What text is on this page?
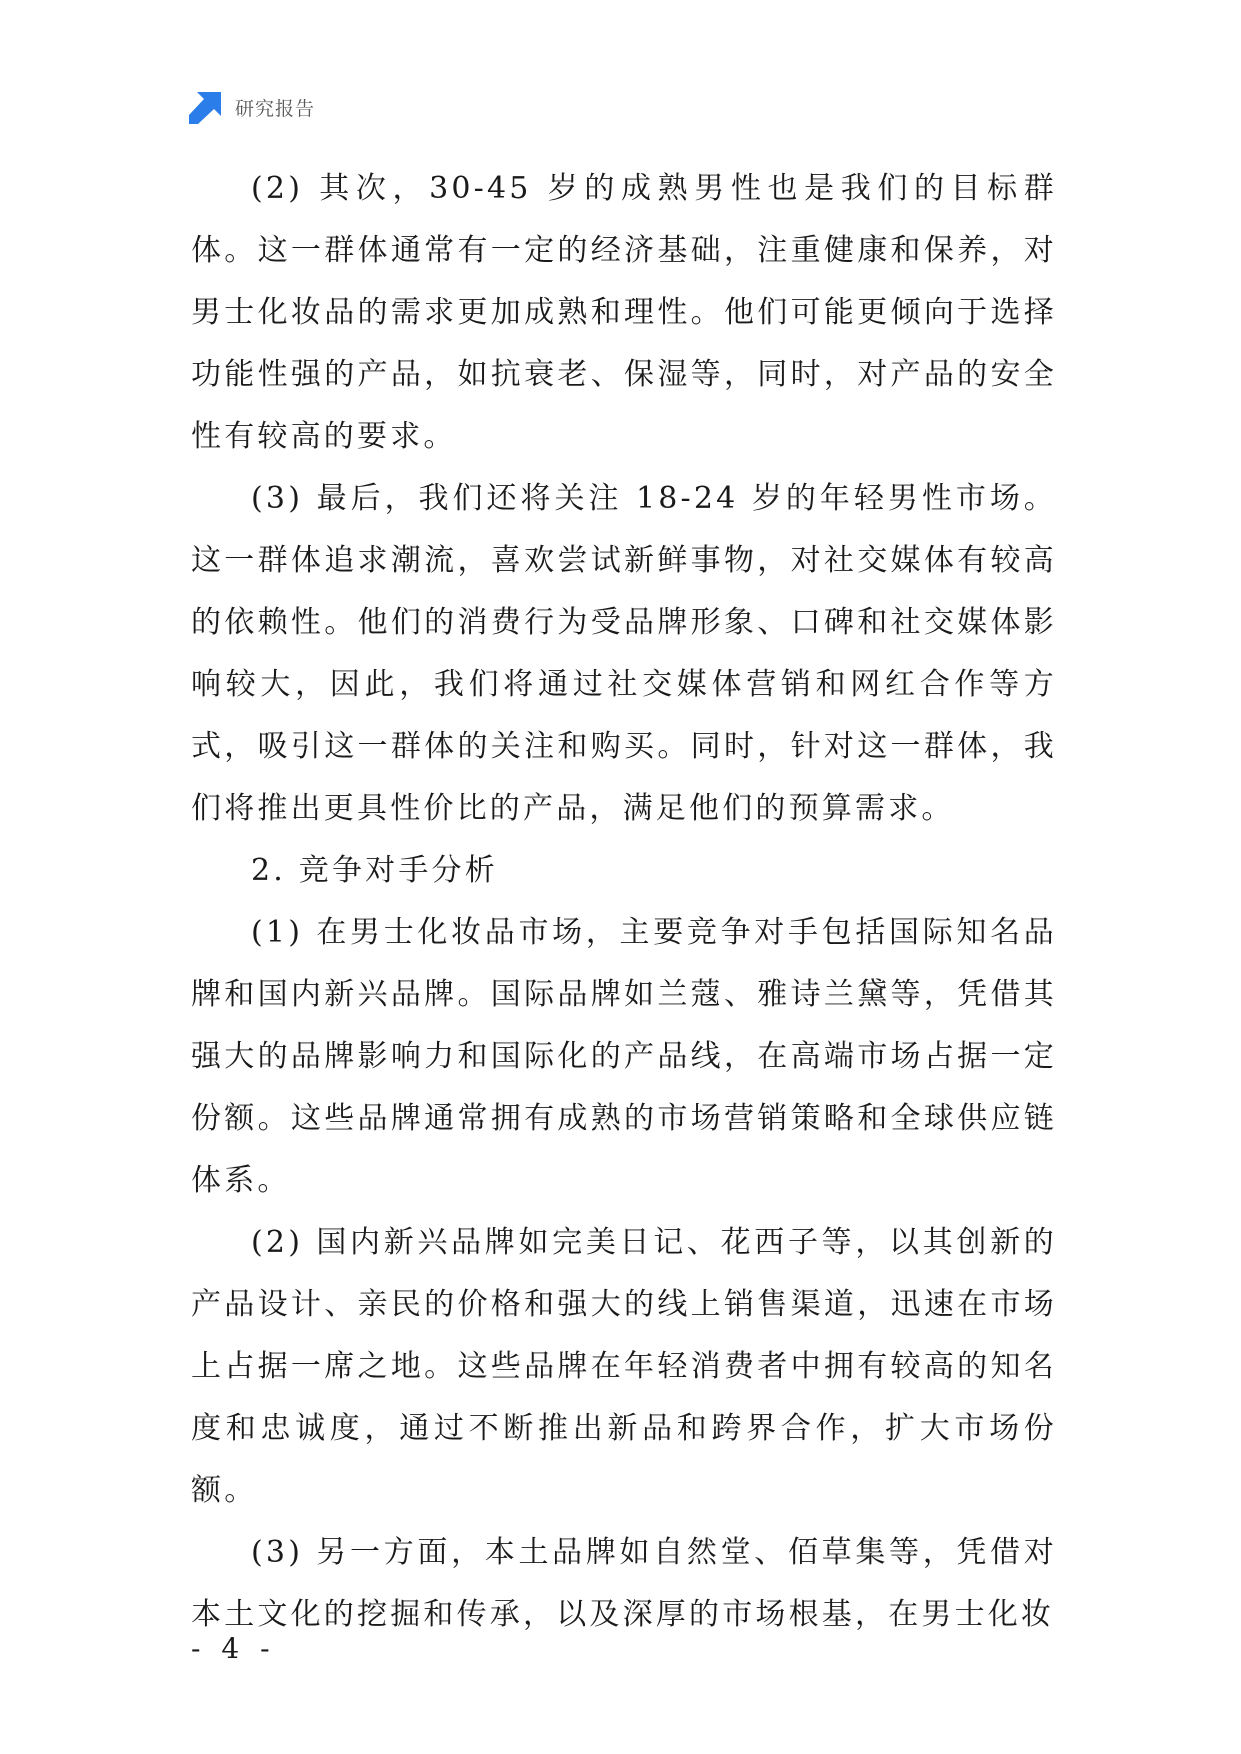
研究报告

(2) 其次，30-45 岁的成熟男性也是我们的目标群体。这一群体通常有一定的经济基础，注重健康和保养，对男士化妆品的需求更加成熟和理性。他们可能更倾向于选择功能性强的产品，如抗衰老、保湿等，同时，对产品的安全性有较高的要求。

(3) 最后，我们还将关注 18-24 岁的年轻男性市场。这一群体追求潮流，喜欢尝试新鲜事物，对社交媒体有较高的依赖性。他们的消费行为受品牌形象、口碑和社交媒体影响较大，因此，我们将通过社交媒体营销和网红合作等方式，吸引这一群体的关注和购买。同时，针对这一群体，我们将推出更具性价比的产品，满足他们的预算需求。

2. 竞争对手分析

(1) 在男士化妆品市场，主要竞争对手包括国际知名品牌和国内新兴品牌。国际品牌如兰蔻、雅诗兰黛等，凭借其强大的品牌影响力和国际化的产品线，在高端市场占据一定份额。这些品牌通常拥有成熟的市场营销策略和全球供应链体系。

(2) 国内新兴品牌如完美日记、花西子等，以其创新的产品设计、亲民的价格和强大的线上销售渠道，迅速在市场上占据一席之地。这些品牌在年轻消费者中拥有较高的知名度和忠诚度，通过不断推出新品和跨界合作，扩大市场份额。

(3) 另一方面，本土品牌如自然堂、佰草集等，凭借对本土文化的挖掘和传承，以及深厚的市场根基，在男士化妆

- 4 -
